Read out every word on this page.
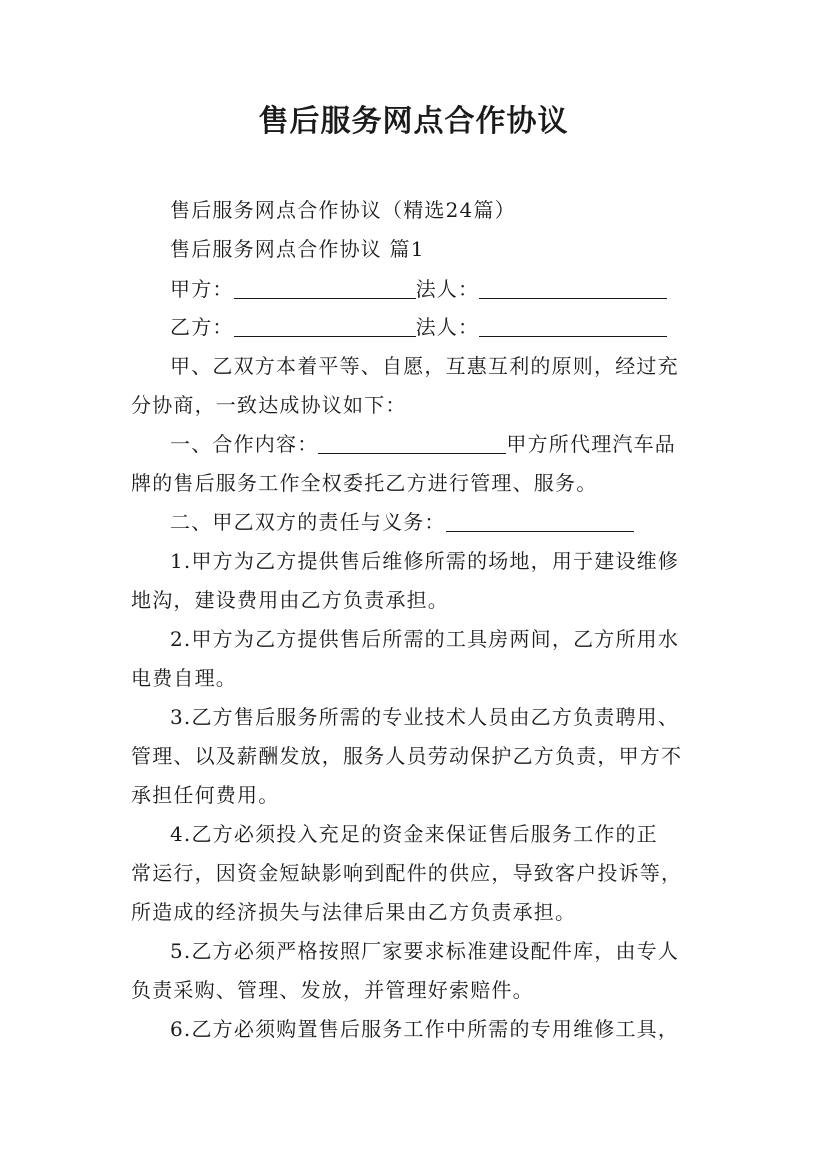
售后服务网点合作协议
售后服务网点合作协议（精选24篇）
售后服务网点合作协议 篇1
甲方：	法人：
乙方：	法人：
甲、乙双方本着平等、自愿，互惠互利的原则，经过充
分协商，一致达成协议如下：
一、合作内容：	甲方所代理汽车品
牌的售后服务工作全权委托乙方进行管理、服务。
二、甲乙双方的责任与义务：
1.甲方为乙方提供售后维修所需的场地，用于建设维修
地沟，建设费用由乙方负责承担。
2.甲方为乙方提供售后所需的工具房两间，乙方所用水
电费自理。
3.乙方售后服务所需的专业技术人员由乙方负责聘用、
管理、以及薪酬发放，服务人员劳动保护乙方负责，甲方不
承担任何费用。
4.乙方必须投入充足的资金来保证售后服务工作的正
常运行，因资金短缺影响到配件的供应，导致客户投诉等，
所造成的经济损失与法律后果由乙方负责承担。
5.乙方必须严格按照厂家要求标准建设配件库，由专人
负责采购、管理、发放，并管理好索赔件。
6.乙方必须购置售后服务工作中所需的专用维修工具，
